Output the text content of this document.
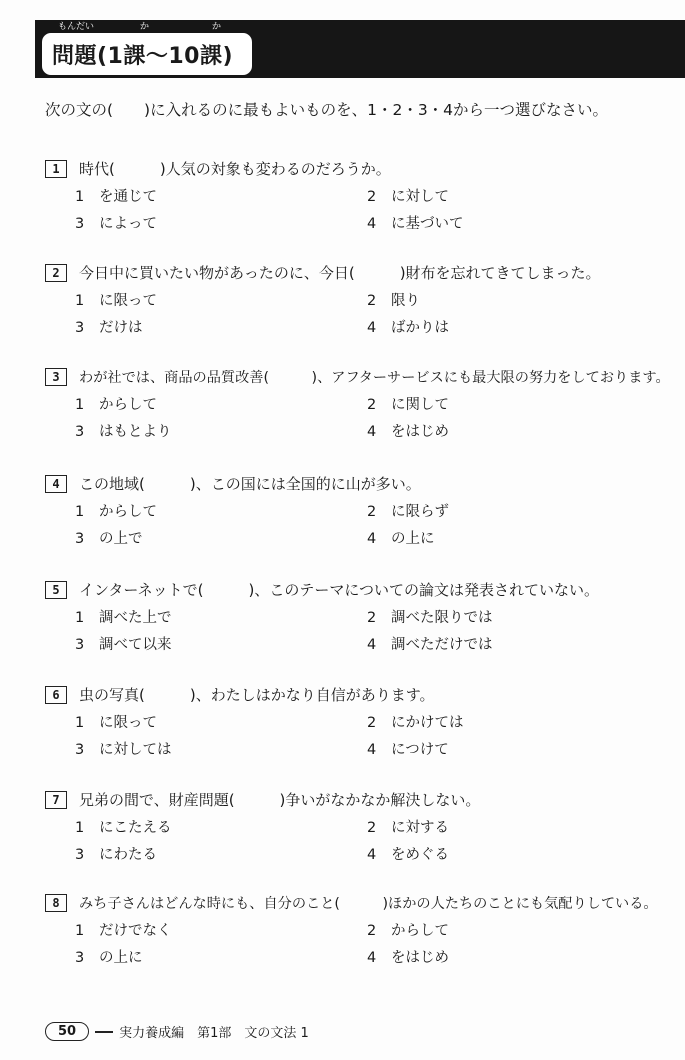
問題(1課〜10課)
もんだい	か	か
次の文の(　　)に入れるのに最もよいものを、1・2・3・4から一つ選びなさい。
1	時代(　　　)人気の対象も変わるのだろうか。
1 を通じて	2 に対して
3 によって	4 に基づいて
2	今日中に買いたい物があったのに、今日(　　　)財布を忘れてきてしまった。
1 に限って	2 限り
3 だけは	4 ばかりは
3	わが社では、商品の品質改善(　　　)、アフターサービスにも最大限の努力をしております。
1 からして	2 に関して
3 はもとより	4 をはじめ
4	この地域(　　　)、この国には全国的に山が多い。
1 からして	2 に限らず
3 の上で	4 の上に
5	インターネットで(　　　)、このテーマについての論文は発表されていない。
1 調べた上で	2 調べた限りでは
3 調べて以来	4 調べただけでは
6	虫の写真(　　　)、わたしはかなり自信があります。
1 に限って	2 にかけては
3 に対しては	4 につけて
7	兄弟の間で、財産問題(　　　)争いがなかなか解決しない。
1 にこたえる	2 に対する
3 にわたる	4 をめぐる
8	みち子さんはどんな時にも、自分のこと(　　　)ほかの人たちのことにも気配りしている。
1 だけでなく	2 からして
3 の上に	4 をはじめ
50	実力養成編　第1部　文の文法 1
